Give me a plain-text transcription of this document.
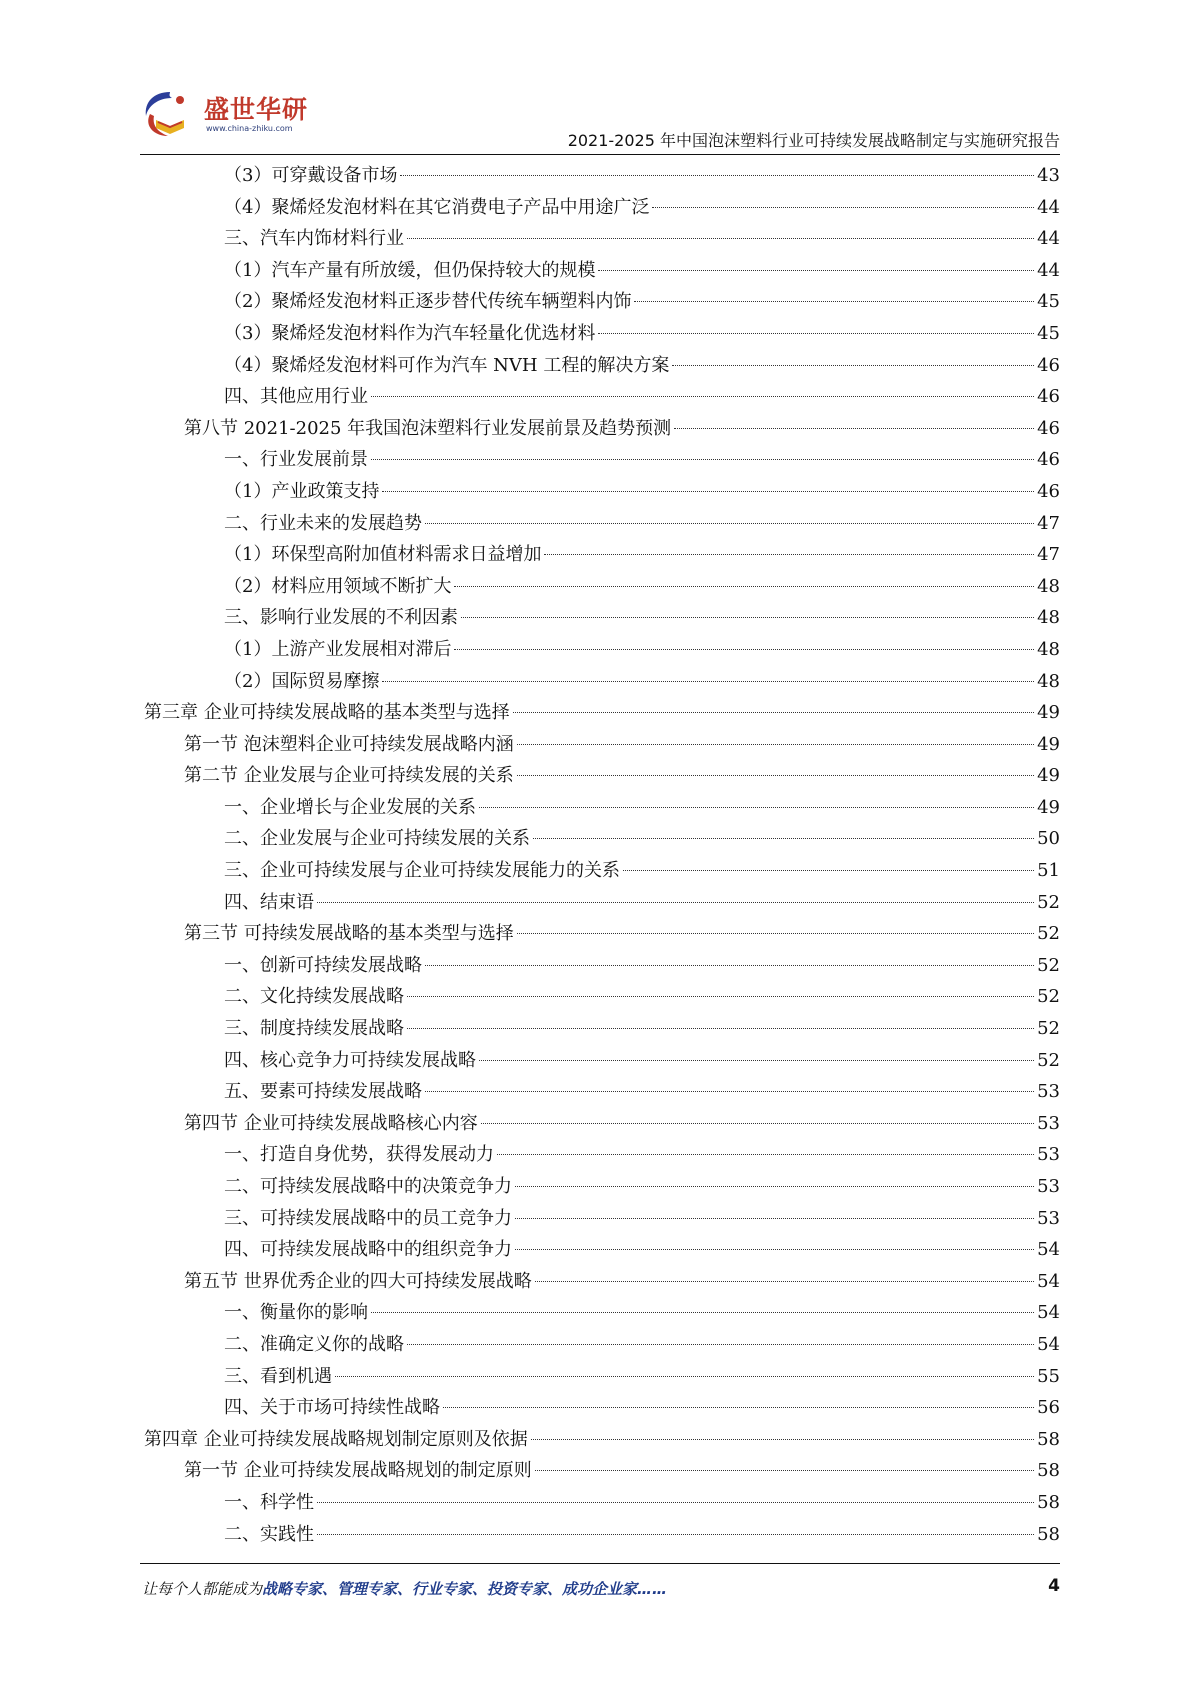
盛世华研
www.china-zhiku.com
2021-2025 年中国泡沫塑料行业可持续发展战略制定与实施研究报告
（3）可穿戴设备市场	43
（4）聚烯烃发泡材料在其它消费电子产品中用途广泛	44
三、汽车内饰材料行业	44
（1）汽车产量有所放缓，但仍保持较大的规模	44
（2）聚烯烃发泡材料正逐步替代传统车辆塑料内饰	45
（3）聚烯烃发泡材料作为汽车轻量化优选材料	45
（4）聚烯烃发泡材料可作为汽车 NVH 工程的解决方案	46
四、其他应用行业	46
第八节 2021-2025 年我国泡沫塑料行业发展前景及趋势预测	46
一、行业发展前景	46
（1）产业政策支持	46
二、行业未来的发展趋势	47
（1）环保型高附加值材料需求日益增加	47
（2）材料应用领域不断扩大	48
三、影响行业发展的不利因素	48
（1）上游产业发展相对滞后	48
（2）国际贸易摩擦	48
第三章 企业可持续发展战略的基本类型与选择	49
第一节 泡沫塑料企业可持续发展战略内涵	49
第二节 企业发展与企业可持续发展的关系	49
一、企业增长与企业发展的关系	49
二、企业发展与企业可持续发展的关系	50
三、企业可持续发展与企业可持续发展能力的关系	51
四、结束语	52
第三节 可持续发展战略的基本类型与选择	52
一、创新可持续发展战略	52
二、文化持续发展战略	52
三、制度持续发展战略	52
四、核心竞争力可持续发展战略	52
五、要素可持续发展战略	53
第四节 企业可持续发展战略核心内容	53
一、打造自身优势，获得发展动力	53
二、可持续发展战略中的决策竞争力	53
三、可持续发展战略中的员工竞争力	53
四、可持续发展战略中的组织竞争力	54
第五节 世界优秀企业的四大可持续发展战略	54
一、衡量你的影响	54
二、准确定义你的战略	54
三、看到机遇	55
四、关于市场可持续性战略	56
第四章 企业可持续发展战略规划制定原则及依据	58
第一节 企业可持续发展战略规划的制定原则	58
一、科学性	58
二、实践性	58
让每个人都能成为战略专家、管理专家、行业专家、投资专家、成功企业家……	4
